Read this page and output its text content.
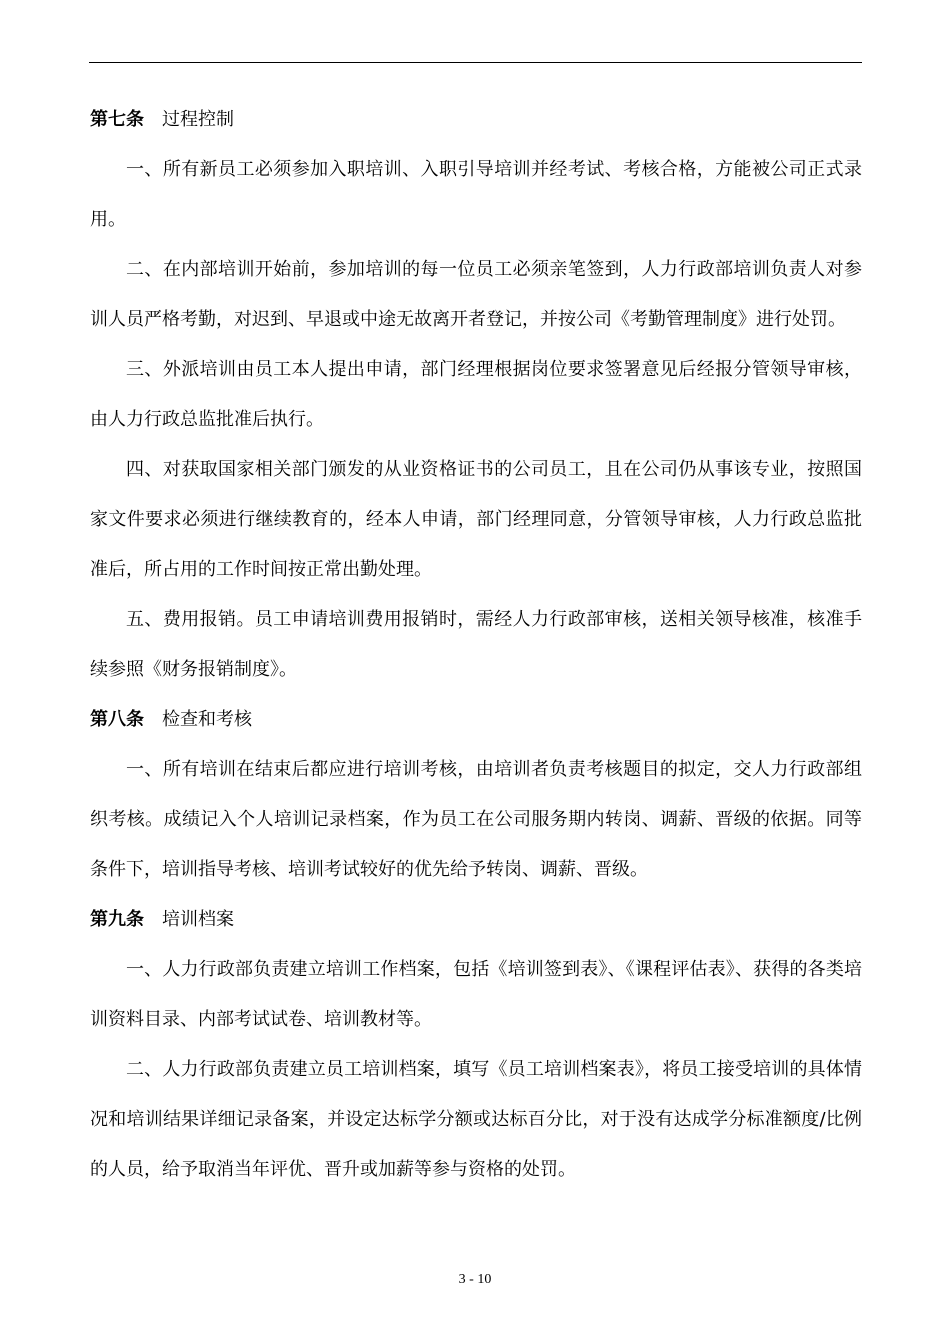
第七条 过程控制

一、所有新员工必须参加入职培训、入职引导培训并经考试、考核合格，方能被公司正式录用。

二、在内部培训开始前，参加培训的每一位员工必须亲笔签到，人力行政部培训负责人对参训人员严格考勤，对迟到、早退或中途无故离开者登记，并按公司《考勤管理制度》进行处罚。

三、外派培训由员工本人提出申请，部门经理根据岗位要求签署意见后经报分管领导审核，由人力行政总监批准后执行。

四、对获取国家相关部门颁发的从业资格证书的公司员工，且在公司仍从事该专业，按照国家文件要求必须进行继续教育的，经本人申请，部门经理同意，分管领导审核，人力行政总监批准后，所占用的工作时间按正常出勤处理。

五、费用报销。员工申请培训费用报销时，需经人力行政部审核，送相关领导核准，核准手续参照《财务报销制度》。

第八条 检查和考核

一、所有培训在结束后都应进行培训考核，由培训者负责考核题目的拟定，交人力行政部组织考核。成绩记入个人培训记录档案，作为员工在公司服务期内转岗、调薪、晋级的依据。同等条件下，培训指导考核、培训考试较好的优先给予转岗、调薪、晋级。

第九条 培训档案

一、人力行政部负责建立培训工作档案，包括《培训签到表》、《课程评估表》、获得的各类培训资料目录、内部考试试卷、培训教材等。

二、人力行政部负责建立员工培训档案，填写《员工培训档案表》，将员工接受培训的具体情况和培训结果详细记录备案，并设定达标学分额或达标百分比，对于没有达成学分标准额度/比例的人员，给予取消当年评优、晋升或加薪等参与资格的处罚。

3 - 10
